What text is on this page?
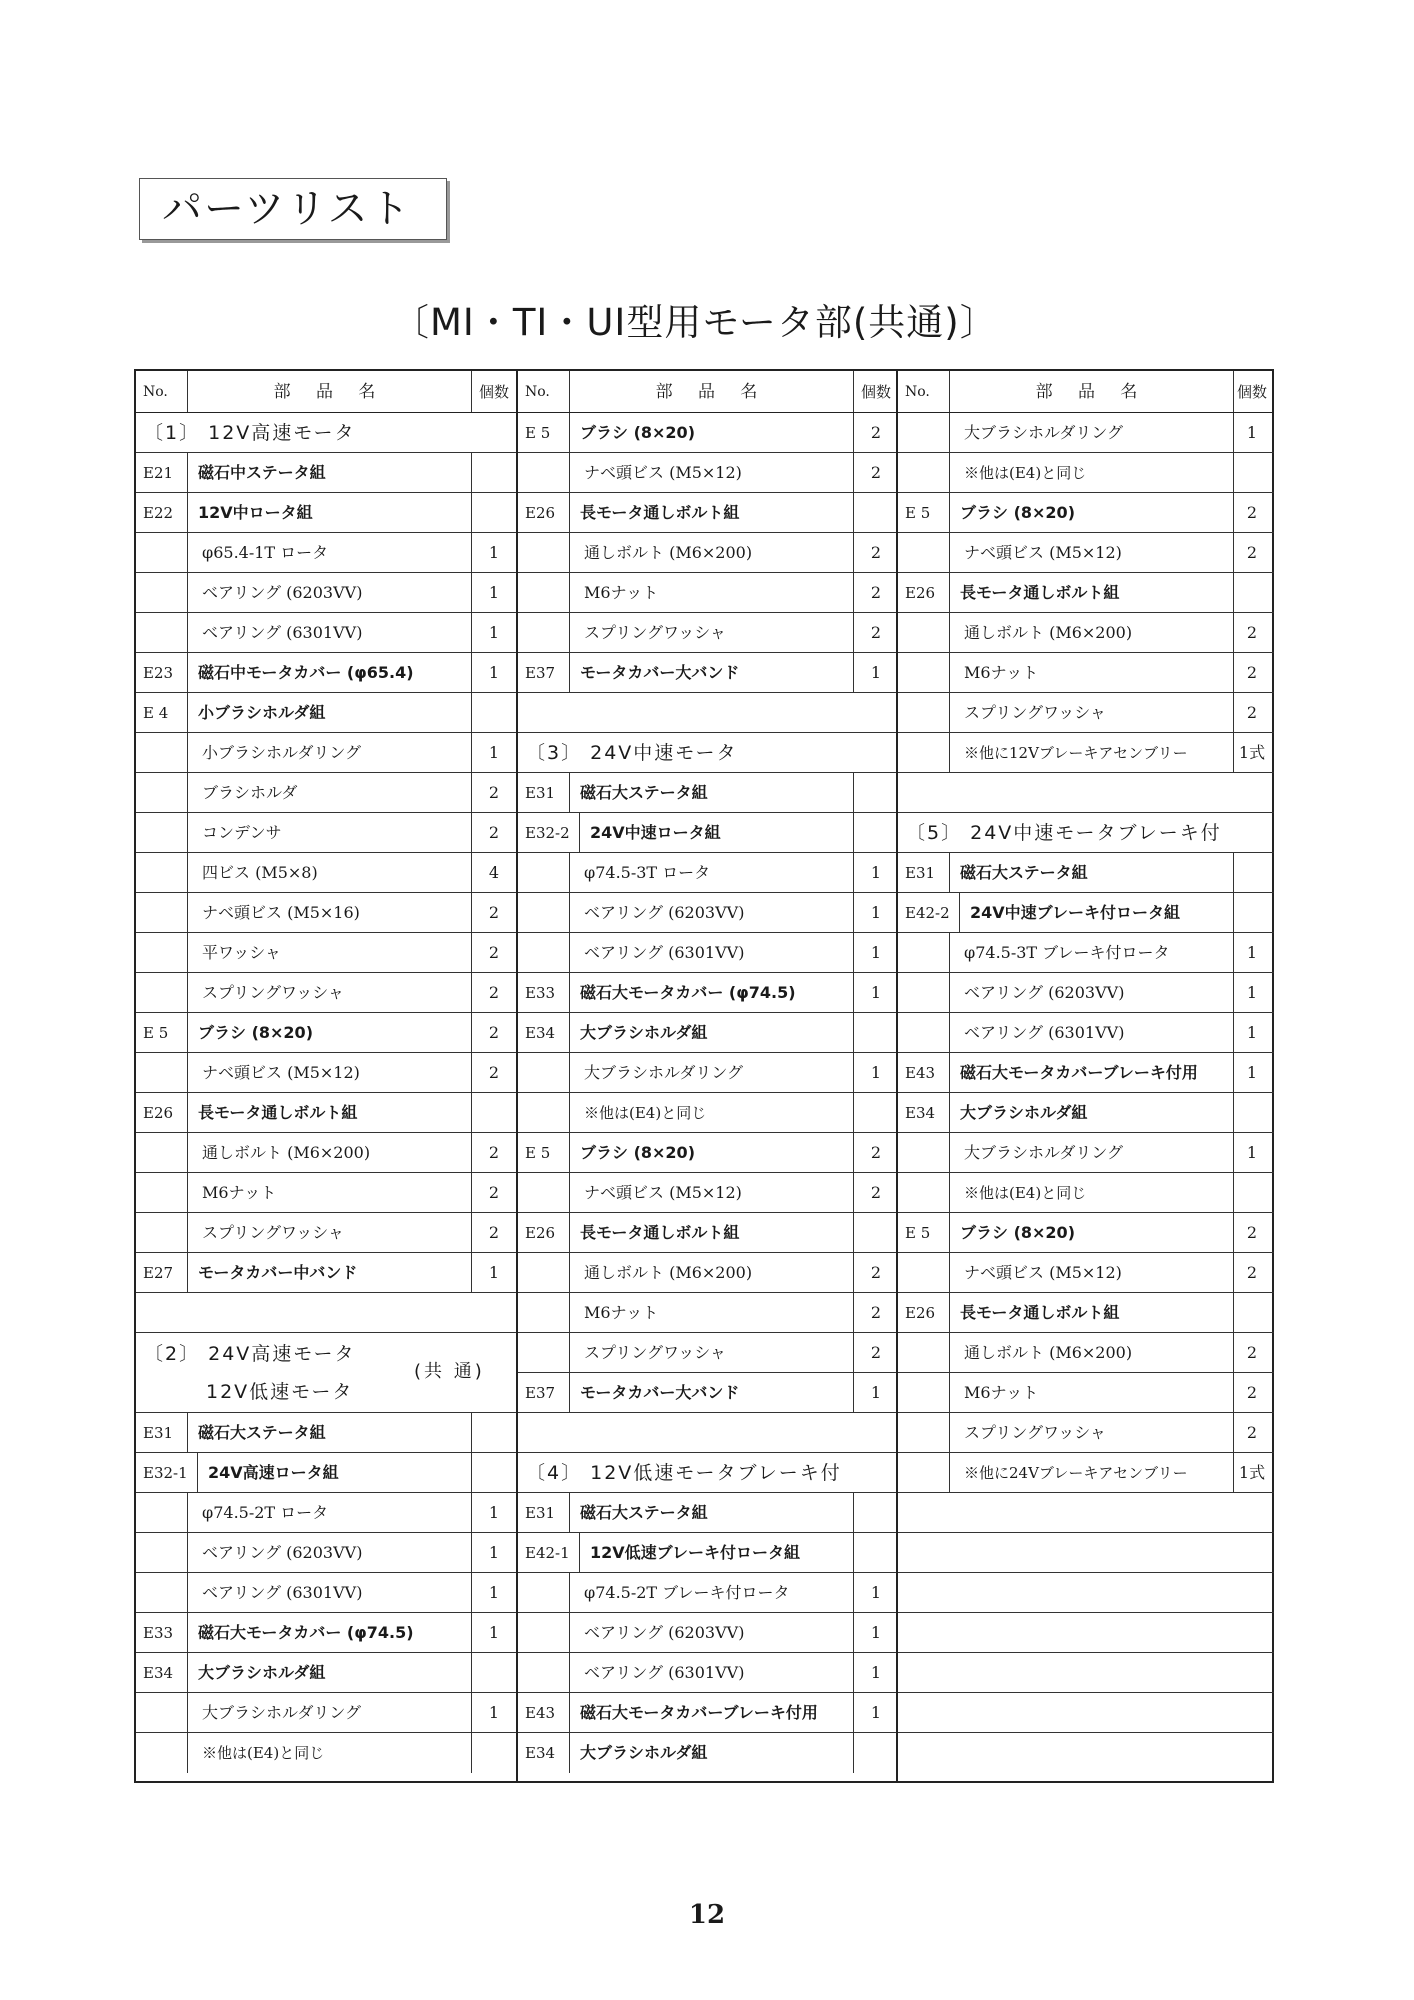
パーツリスト
〔MI・TI・UI型用モータ部(共通)〕
No.	部 品 名	個数
〔1〕 12V高速モータ
E21	磁石中ステータ組
E22	12V中ロータ組
φ65.4-1T ロータ	1
ベアリング (6203VV)	1
ベアリング (6301VV)	1
E23	磁石中モータカバー (φ65.4)	1
E 4	小ブラシホルダ組
小ブラシホルダリング	1
ブラシホルダ	2
コンデンサ	2
四ビス (M5×8)	4
ナベ頭ビス (M5×16)	2
平ワッシャ	2
スプリングワッシャ	2
E 5	ブラシ (8×20)	2
ナベ頭ビス (M5×12)	2
E26	長モータ通しボルト組
通しボルト (M6×200)	2
M6ナット	2
スプリングワッシャ	2
E27	モータカバー中バンド	1
〔2〕 24V高速モータ
12V低速モータ
(共 通)
E31	磁石大ステータ組
E32-1	24V高速ロータ組
φ74.5-2T ロータ	1
ベアリング (6203VV)	1
ベアリング (6301VV)	1
E33	磁石大モータカバー (φ74.5)	1
E34	大ブラシホルダ組
大ブラシホルダリング	1
※他は(E4)と同じ
No.	部 品 名	個数
E 5	ブラシ (8×20)	2
ナベ頭ビス (M5×12)	2
E26	長モータ通しボルト組
通しボルト (M6×200)	2
M6ナット	2
スプリングワッシャ	2
E37	モータカバー大バンド	1
〔3〕 24V中速モータ
E31	磁石大ステータ組
E32-2	24V中速ロータ組
φ74.5-3T ロータ	1
ベアリング (6203VV)	1
ベアリング (6301VV)	1
E33	磁石大モータカバー (φ74.5)	1
E34	大ブラシホルダ組
大ブラシホルダリング	1
※他は(E4)と同じ
E 5	ブラシ (8×20)	2
ナベ頭ビス (M5×12)	2
E26	長モータ通しボルト組
通しボルト (M6×200)	2
M6ナット	2
スプリングワッシャ	2
E37	モータカバー大バンド	1
〔4〕 12V低速モータブレーキ付
E31	磁石大ステータ組
E42-1	12V低速ブレーキ付ロータ組
φ74.5-2T ブレーキ付ロータ	1
ベアリング (6203VV)	1
ベアリング (6301VV)	1
E43	磁石大モータカバーブレーキ付用	1
E34	大ブラシホルダ組
No.	部 品 名	個数
大ブラシホルダリング	1
※他は(E4)と同じ
E 5	ブラシ (8×20)	2
ナベ頭ビス (M5×12)	2
E26	長モータ通しボルト組
通しボルト (M6×200)	2
M6ナット	2
スプリングワッシャ	2
※他に12Vブレーキアセンブリー	1式
〔5〕 24V中速モータブレーキ付
E31	磁石大ステータ組
E42-2	24V中速ブレーキ付ロータ組
φ74.5-3T ブレーキ付ロータ	1
ベアリング (6203VV)	1
ベアリング (6301VV)	1
E43	磁石大モータカバーブレーキ付用	1
E34	大ブラシホルダ組
大ブラシホルダリング	1
※他は(E4)と同じ
E 5	ブラシ (8×20)	2
ナベ頭ビス (M5×12)	2
E26	長モータ通しボルト組
通しボルト (M6×200)	2
M6ナット	2
スプリングワッシャ	2
※他に24Vブレーキアセンブリー	1式
12
